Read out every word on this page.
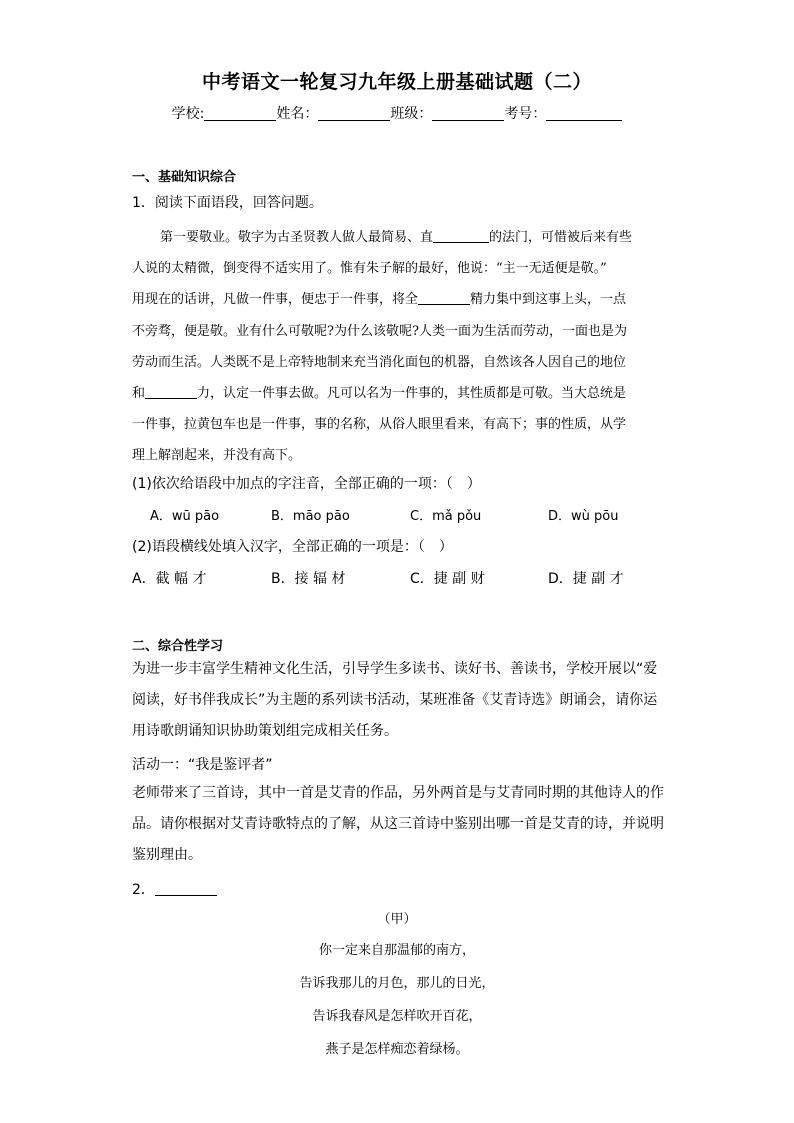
中考语文一轮复习九年级上册基础试题（二）
学校:	姓名：	班级：	考号：
一、基础知识综合
1．阅读下面语段，回答问题。
第一要敬业。敬字为古圣贤教人做人最简易、直	的法门，可惜被后来有些
人说的太精微，倒变得不适实用了。惟有朱子解的最好，他说：“主一无适便是敬。”
用现在的话讲，凡做一件事，便忠于一件事，将全	精力集中到这事上头，一点
不旁骛，便是敬。业有什么可敬呢?为什么该敬呢?人类一面为生活而劳动，一面也是为
劳动而生活。人类既不是上帝特地制来充当消化面包的机器，自然该各人因自己的地位
和	力，认定一件事去做。凡可以名为一件事的，其性质都是可敬。当大总统是
一件事，拉黄包车也是一件事，事的名称，从俗人眼里看来，有高下；事的性质，从学
理上解剖起来，并没有高下。
(1)依次给语段中加点的字注音，全部正确的一项：（　）
A．wū pāo	B．māo pāo	C．mǎ pǒu	D．wù pōu
(2)语段横线处填入汉字，全部正确的一项是：（　）
A．截 幅 才	B．接 辐 材	C．捷 副 财	D．捷 副 才
二、综合性学习
为进一步丰富学生精神文化生活，引导学生多读书、读好书、善读书，学校开展以“爱
阅读，好书伴我成长”为主题的系列读书活动，某班准备《艾青诗选》朗诵会，请你运
用诗歌朗诵知识协助策划组完成相关任务。
活动一：“我是鉴评者”
老师带来了三首诗，其中一首是艾青的作品，另外两首是与艾青同时期的其他诗人的作
品。请你根据对艾青诗歌特点的了解，从这三首诗中鉴别出哪一首是艾青的诗，并说明
鉴别理由。
2．
（甲）
你一定来自那温郁的南方，
告诉我那儿的月色，那儿的日光，
告诉我春风是怎样吹开百花，
燕子是怎样痴恋着绿杨。
